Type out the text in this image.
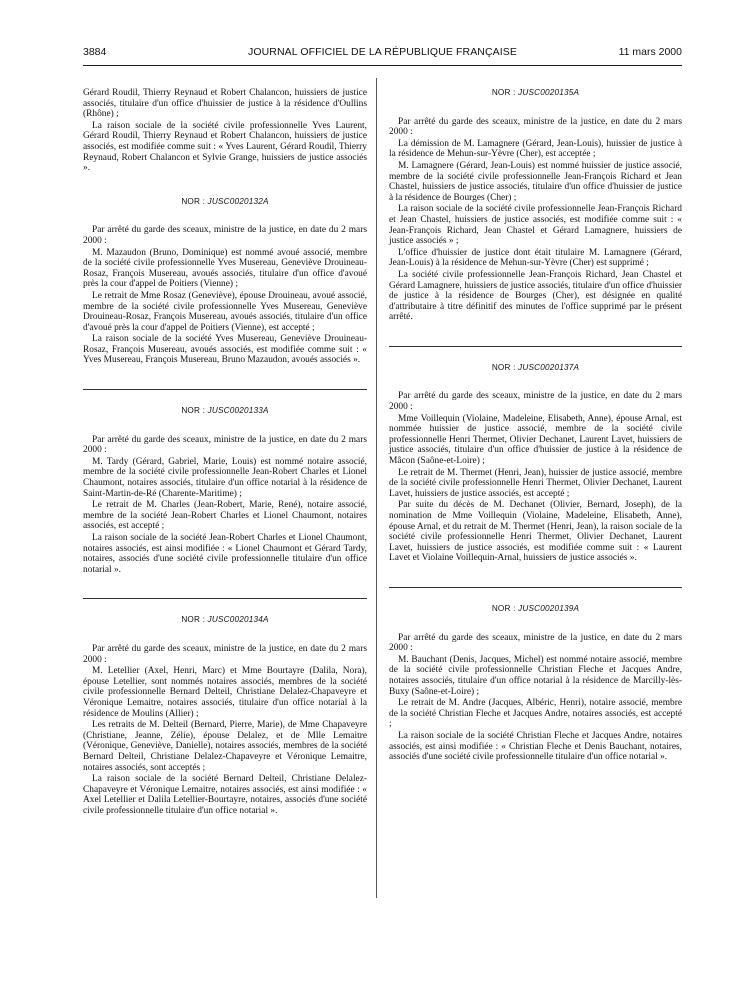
3884	JOURNAL OFFICIEL DE LA RÉPUBLIQUE FRANÇAISE	11 mars 2000

Gérard Roudil, Thierry Reynaud et Robert Chalancon, huissiers de justice associés, titulaire d'un office d'huissier de justice à la résidence d'Oullins (Rhône) ;

La raison sociale de la société civile professionnelle Yves Laurent, Gérard Roudil, Thierry Reynaud et Robert Chalancon, huissiers de justice associés, est modifiée comme suit : « Yves Laurent, Gérard Roudil, Thierry Reynaud, Robert Chalancon et Sylvie Grange, huissiers de justice associés ».

NOR : JUSC0020132A

Par arrêté du garde des sceaux, ministre de la justice, en date du 2 mars 2000 :

M. Mazaudon (Bruno, Dominique) est nommé avoué associé, membre de la société civile professionnelle Yves Musereau, Geneviève Drouineau-Rosaz, François Musereau, avoués associés, titulaire d'un office d'avoué près la cour d'appel de Poitiers (Vienne) ;

Le retrait de Mme Rosaz (Geneviève), épouse Drouineau, avoué associé, membre de la société civile professionnelle Yves Musereau, Geneviève Drouineau-Rosaz, François Musereau, avoués associés, titulaire d'un office d'avoué près la cour d'appel de Poitiers (Vienne), est accepté ;

La raison sociale de la société Yves Musereau, Geneviève Drouineau-Rosaz, François Musereau, avoués associés, est modifiée comme suit : « Yves Musereau, François Musereau, Bruno Mazaudon, avoués associés ».

NOR : JUSC0020133A

Par arrêté du garde des sceaux, ministre de la justice, en date du 2 mars 2000 :

M. Tardy (Gérard, Gabriel, Marie, Louis) est nommé notaire associé, membre de la société civile professionnelle Jean-Robert Charles et Lionel Chaumont, notaires associés, titulaire d'un office notarial à la résidence de Saint-Martin-de-Ré (Charente-Maritime) ;

Le retrait de M. Charles (Jean-Robert, Marie, René), notaire associé, membre de la société Jean-Robert Charles et Lionel Chaumont, notaires associés, est accepté ;

La raison sociale de la société Jean-Robert Charles et Lionel Chaumont, notaires associés, est ainsi modifiée : « Lionel Chaumont et Gérard Tardy, notaires, associés d'une société civile professionnelle titulaire d'un office notarial ».

NOR : JUSC0020134A

Par arrêté du garde des sceaux, ministre de la justice, en date du 2 mars 2000 :

M. Letellier (Axel, Henri, Marc) et Mme Bourtayre (Dalila, Nora), épouse Letellier, sont nommés notaires associés, membres de la société civile professionnelle Bernard Delteil, Christiane Delalez-Chapaveyre et Véronique Lemaitre, notaires associés, titulaire d'un office notarial à la résidence de Moulins (Allier) ;

Les retraits de M. Delteil (Bernard, Pierre, Marie), de Mme Chapaveyre (Christiane, Jeanne, Zélie), épouse Delalez, et de Mlle Lemaitre (Véronique, Geneviève, Danielle), notaires associés, membres de la société Bernard Delteil, Christiane Delalez-Chapaveyre et Véronique Lemaitre, notaires associés, sont acceptés ;

La raison sociale de la société Bernard Delteil, Christiane Delalez-Chapaveyre et Véronique Lemaitre, notaires associés, est ainsi modifiée : « Axel Letellier et Dalila Letellier-Bourtayre, notaires, associés d'une société civile professionnelle titulaire d'un office notarial ».

NOR : JUSC0020135A

Par arrêté du garde des sceaux, ministre de la justice, en date du 2 mars 2000 :

La démission de M. Lamagnere (Gérard, Jean-Louis), huissier de justice à la résidence de Mehun-sur-Yèvre (Cher), est acceptée ;

M. Lamagnere (Gérard, Jean-Louis) est nommé huissier de justice associé, membre de la société civile professionnelle Jean-François Richard et Jean Chastel, huissiers de justice associés, titulaire d'un office d'huissier de justice à la résidence de Bourges (Cher) ;

La raison sociale de la société civile professionnelle Jean-François Richard et Jean Chastel, huissiers de justice associés, est modifiée comme suit : « Jean-François Richard, Jean Chastel et Gérard Lamagnere, huissiers de justice associés » ;

L'office d'huissier de justice dont était titulaire M. Lamagnere (Gérard, Jean-Louis) à la résidence de Mehun-sur-Yèvre (Cher) est supprimé ;

La société civile professionnelle Jean-François Richard, Jean Chastel et Gérard Lamagnere, huissiers de justice associés, titulaire d'un office d'huissier de justice à la résidence de Bourges (Cher), est désignée en qualité d'attributaire à titre définitif des minutes de l'office supprimé par le présent arrêté.

NOR : JUSC0020137A

Par arrêté du garde des sceaux, ministre de la justice, en date du 2 mars 2000 :

Mme Voillequin (Violaine, Madeleine, Elisabeth, Anne), épouse Arnal, est nommée huissier de justice associé, membre de la société civile professionnelle Henri Thermet, Olivier Dechanet, Laurent Lavet, huissiers de justice associés, titulaire d'un office d'huissier de justice à la résidence de Mâcon (Saône-et-Loire) ;

Le retrait de M. Thermet (Henri, Jean), huissier de justice associé, membre de la société civile professionnelle Henri Thermet, Olivier Dechanet, Laurent Lavet, huissiers de justice associés, est accepté ;

Par suite du décès de M. Dechanet (Olivier, Bernard, Joseph), de la nomination de Mme Voillequin (Violaine, Madeleine, Elisabeth, Anne), épouse Arnal, et du retrait de M. Thermet (Henri, Jean), la raison sociale de la société civile professionnelle Henri Thermet, Olivier Dechanet, Laurent Lavet, huissiers de justice associés, est modifiée comme suit : « Laurent Lavet et Violaine Voillequin-Arnal, huissiers de justice associés ».

NOR : JUSC0020139A

Par arrêté du garde des sceaux, ministre de la justice, en date du 2 mars 2000 :

M. Bauchant (Denis, Jacques, Michel) est nommé notaire associé, membre de la société civile professionnelle Christian Fleche et Jacques Andre, notaires associés, titulaire d'un office notarial à la résidence de Marcilly-lès-Buxy (Saône-et-Loire) ;

Le retrait de M. Andre (Jacques, Albéric, Henri), notaire associé, membre de la société Christian Fleche et Jacques Andre, notaires associés, est accepté ;

La raison sociale de la société Christian Fleche et Jacques Andre, notaires associés, est ainsi modifiée : « Christian Fleche et Denis Bauchant, notaires, associés d'une société civile professionnelle titulaire d'un office notarial ».
